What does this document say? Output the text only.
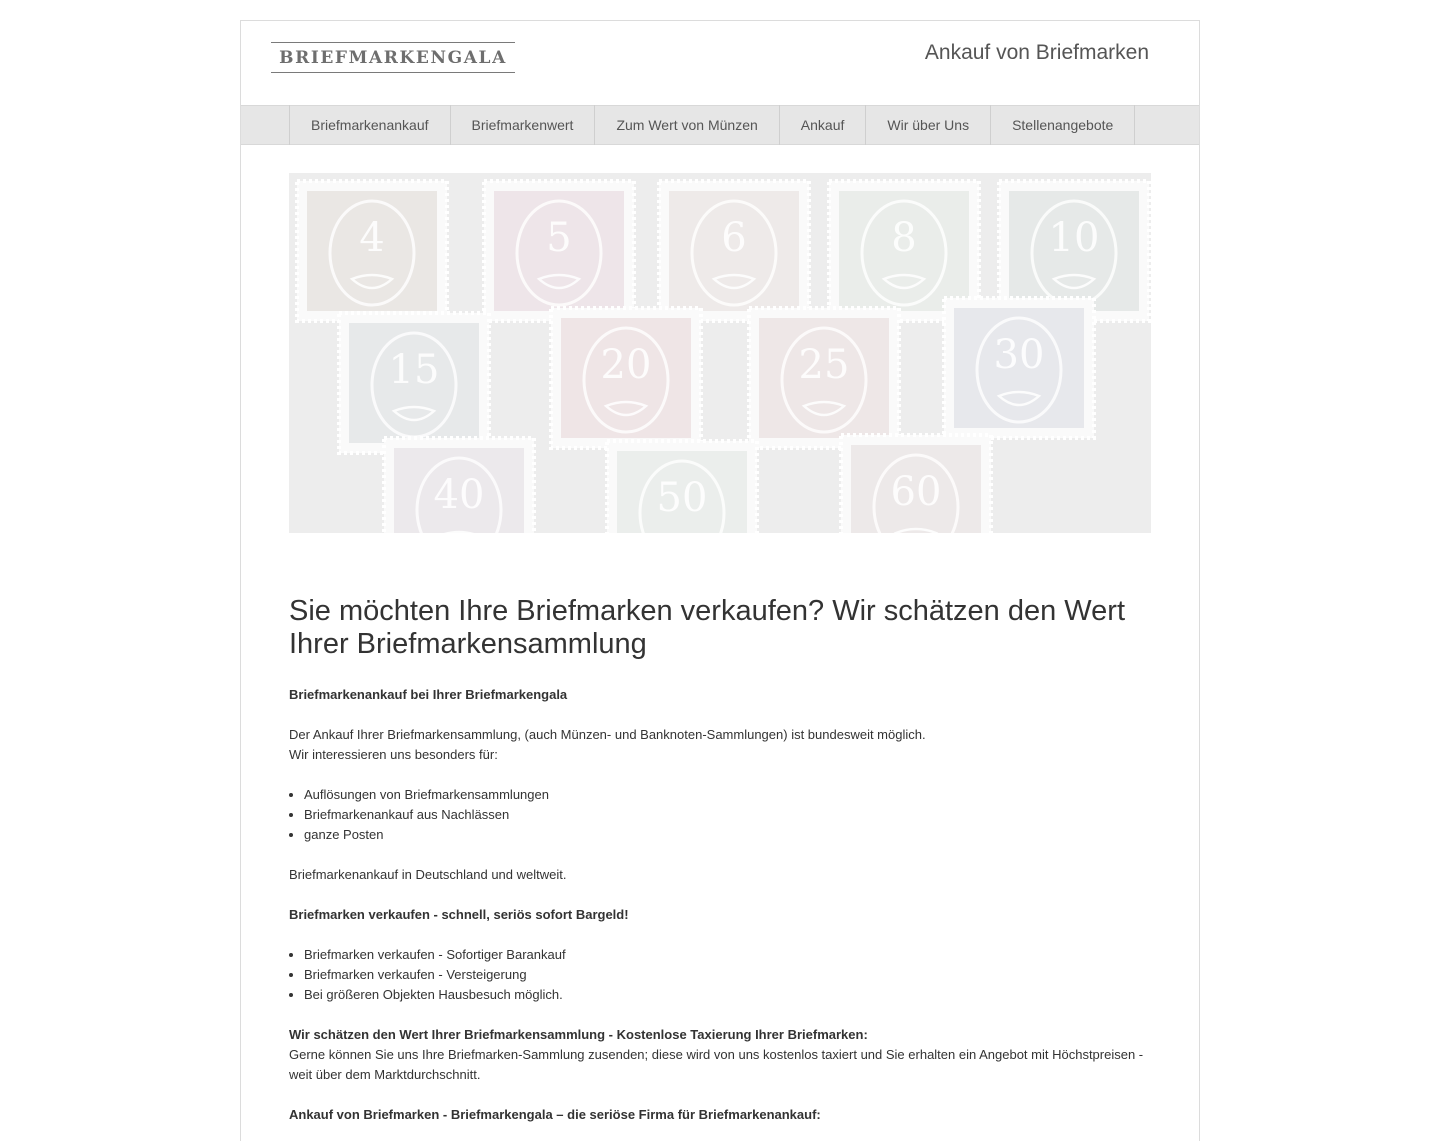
BRIEFMARKENGALA	Ankauf von Briefmarken
Briefmarkenankauf	Briefmarkenwert	Zum Wert von Münzen	Ankauf	Wir über Uns	Stellenangebote
4	5	6	8	10
15	20	25	30
40	50	60
Sie möchten Ihre Briefmarken verkaufen? Wir schätzen den Wert Ihrer Briefmarkensammlung

Briefmarkenankauf bei Ihrer Briefmarkengala

Der Ankauf Ihrer Briefmarkensammlung, (auch Münzen- und Banknoten-Sammlungen) ist bundesweit möglich.
Wir interessieren uns besonders für:

• Auflösungen von Briefmarkensammlungen
• Briefmarkenankauf aus Nachlässen
• ganze Posten

Briefmarkenankauf in Deutschland und weltweit.

Briefmarken verkaufen - schnell, seriös sofort Bargeld!

• Briefmarken verkaufen - Sofortiger Barankauf
• Briefmarken verkaufen - Versteigerung
• Bei größeren Objekten Hausbesuch möglich.

Wir schätzen den Wert Ihrer Briefmarkensammlung - Kostenlose Taxierung Ihrer Briefmarken:
Gerne können Sie uns Ihre Briefmarken-Sammlung zusenden; diese wird von uns kostenlos taxiert und Sie erhalten ein Angebot mit Höchstpreisen - weit über dem Marktdurchschnitt.

Ankauf von Briefmarken - Briefmarkengala – die seriöse Firma für Briefmarkenankauf:
